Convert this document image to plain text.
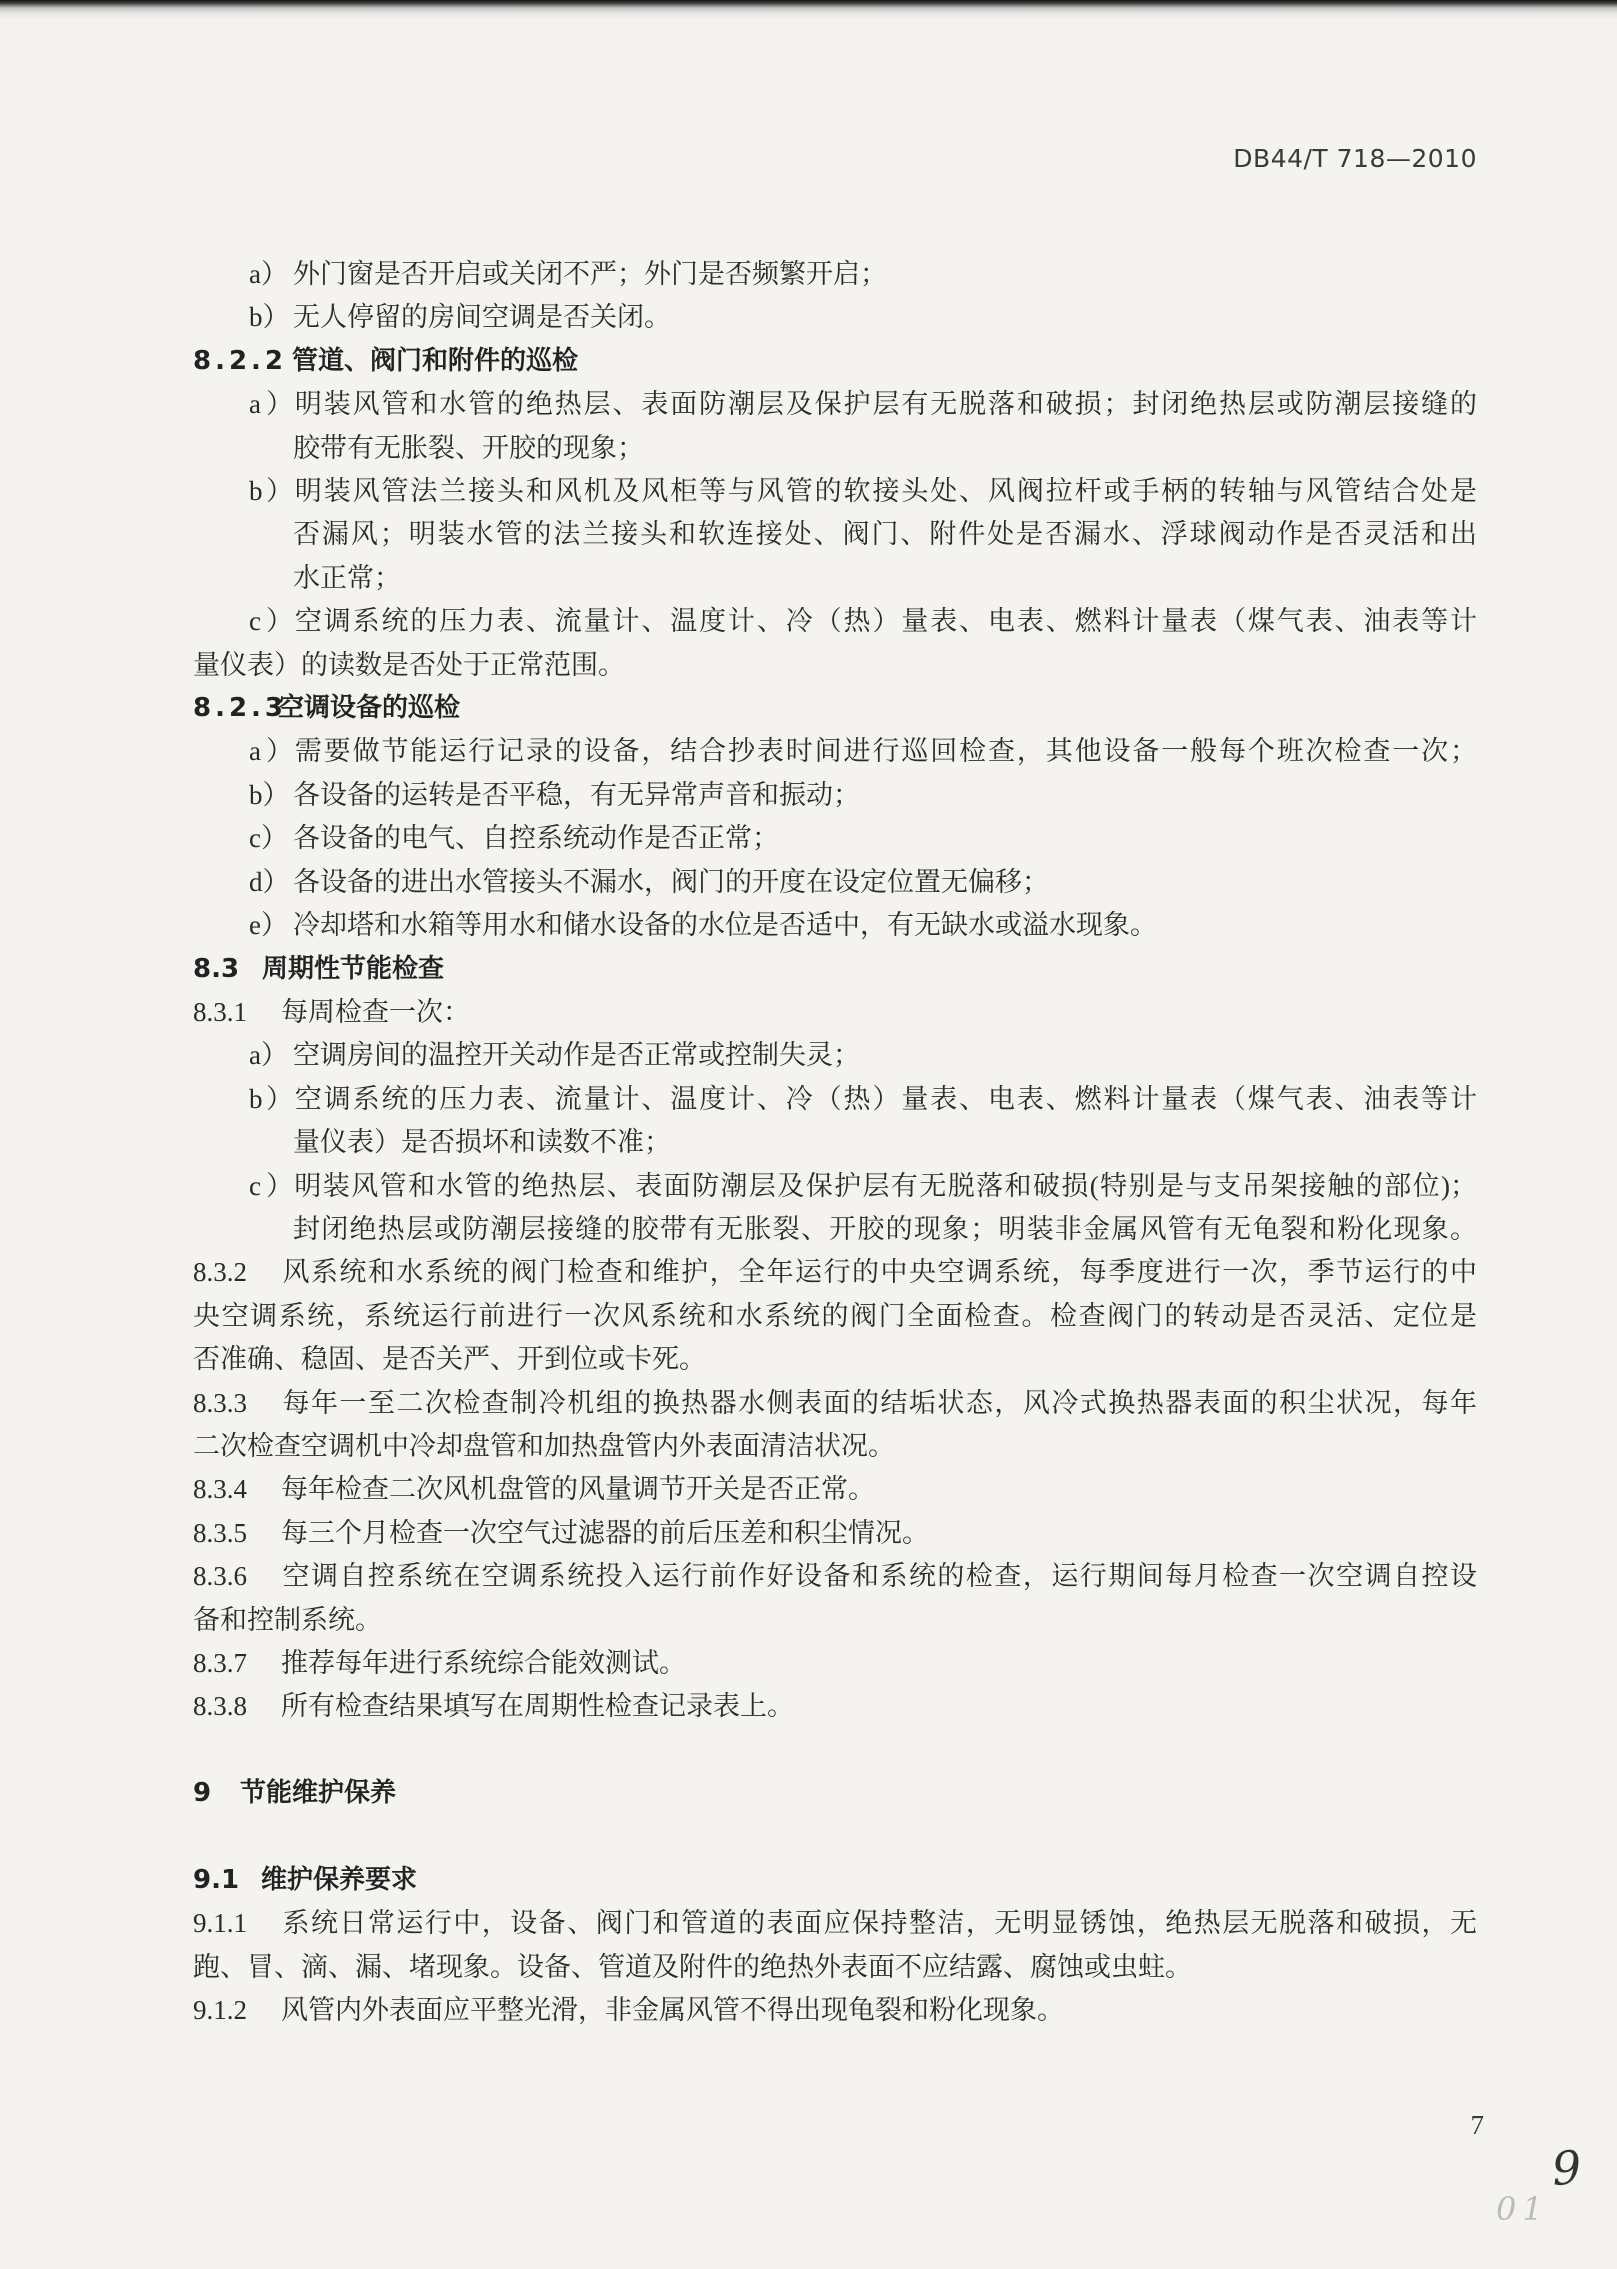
DB44/T 718—2010
a） 外门窗是否开启或关闭不严；外门是否频繁开启；
b） 无人停留的房间空调是否关闭。
8.2.2 管道、阀门和附件的巡检
a）明装风管和水管的绝热层、表面防潮层及保护层有无脱落和破损；封闭绝热层或防潮层接缝的
胶带有无胀裂、开胶的现象；
b）明装风管法兰接头和风机及风柜等与风管的软接头处、风阀拉杆或手柄的转轴与风管结合处是
否漏风；明装水管的法兰接头和软连接处、阀门、附件处是否漏水、浮球阀动作是否灵活和出
水正常；
c）空调系统的压力表、流量计、温度计、冷（热）量表、电表、燃料计量表（煤气表、油表等计
量仪表）的读数是否处于正常范围。
8.2.3空调设备的巡检
a）需要做节能运行记录的设备，结合抄表时间进行巡回检查，其他设备一般每个班次检查一次；
b） 各设备的运转是否平稳，有无异常声音和振动；
c） 各设备的电气、自控系统动作是否正常；
d） 各设备的进出水管接头不漏水，阀门的开度在设定位置无偏移；
e） 冷却塔和水箱等用水和储水设备的水位是否适中，有无缺水或溢水现象。
8.3 周期性节能检查
8.3.1 每周检查一次：
a） 空调房间的温控开关动作是否正常或控制失灵；
b）空调系统的压力表、流量计、温度计、冷（热）量表、电表、燃料计量表（煤气表、油表等计
量仪表）是否损坏和读数不准；
c）明装风管和水管的绝热层、表面防潮层及保护层有无脱落和破损(特别是与支吊架接触的部位)；
封闭绝热层或防潮层接缝的胶带有无胀裂、开胶的现象；明装非金属风管有无龟裂和粉化现象。
8.3.2 风系统和水系统的阀门检查和维护，全年运行的中央空调系统，每季度进行一次，季节运行的中
央空调系统，系统运行前进行一次风系统和水系统的阀门全面检查。检查阀门的转动是否灵活、定位是
否准确、稳固、是否关严、开到位或卡死。
8.3.3 每年一至二次检查制冷机组的换热器水侧表面的结垢状态，风冷式换热器表面的积尘状况，每年
二次检查空调机中冷却盘管和加热盘管内外表面清洁状况。
8.3.4 每年检查二次风机盘管的风量调节开关是否正常。
8.3.5 每三个月检查一次空气过滤器的前后压差和积尘情况。
8.3.6 空调自控系统在空调系统投入运行前作好设备和系统的检查，运行期间每月检查一次空调自控设
备和控制系统。
8.3.7 推荐每年进行系统综合能效测试。
8.3.8 所有检查结果填写在周期性检查记录表上。
9 节能维护保养
9.1 维护保养要求
9.1.1 系统日常运行中，设备、阀门和管道的表面应保持整洁，无明显锈蚀，绝热层无脱落和破损，无
跑、冒、滴、漏、堵现象。设备、管道及附件的绝热外表面不应结露、腐蚀或虫蛀。
9.1.2 风管内外表面应平整光滑，非金属风管不得出现龟裂和粉化现象。
7
01
9
